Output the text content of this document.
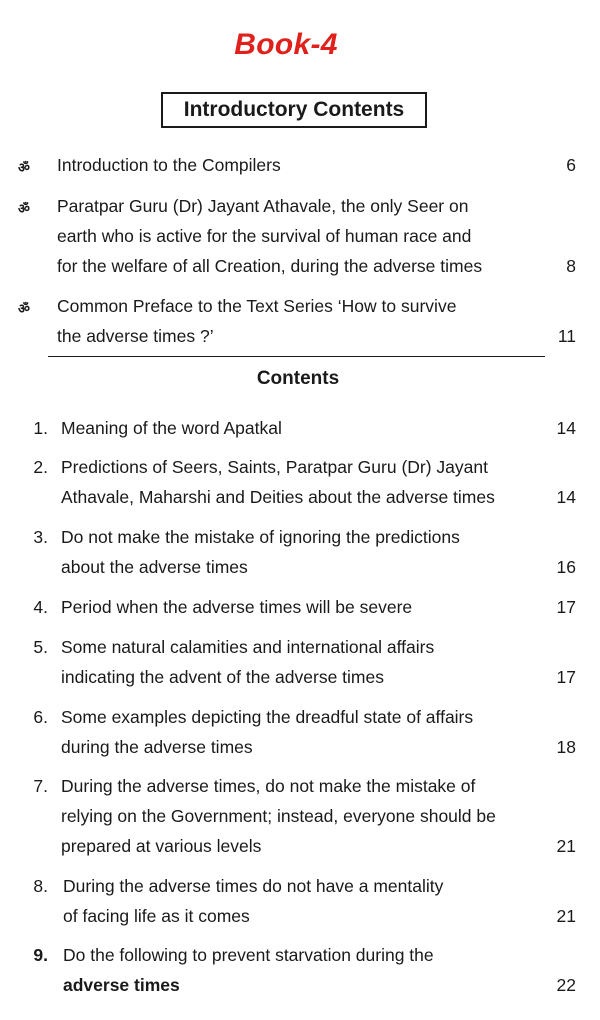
Book-4
Introductory Contents
ॐ Introduction to the Compilers	6
ॐ Paratpar Guru (Dr) Jayant Athavale, the only Seer on
earth who is active for the survival of human race and
for the welfare of all Creation, during the adverse times	8
ॐ Common Preface to the Text Series ‘How to survive
the adverse times ?’	11
Contents
1. Meaning of the word Apatkal	14
2. Predictions of Seers, Saints, Paratpar Guru (Dr) Jayant
Athavale, Maharshi and Deities about the adverse times	14
3. Do not make the mistake of ignoring the predictions
about the adverse times	16
4. Period when the adverse times will be severe	17
5. Some natural calamities and international affairs
indicating the advent of the adverse times	17
6. Some examples depicting the dreadful state of affairs
during the adverse times	18
7. During the adverse times, do not make the mistake of
relying on the Government; instead, everyone should be
prepared at various levels	21
8. During the adverse times do not have a mentality
of facing life as it comes	21
9. Do the following to prevent starvation during the
adverse times	22
